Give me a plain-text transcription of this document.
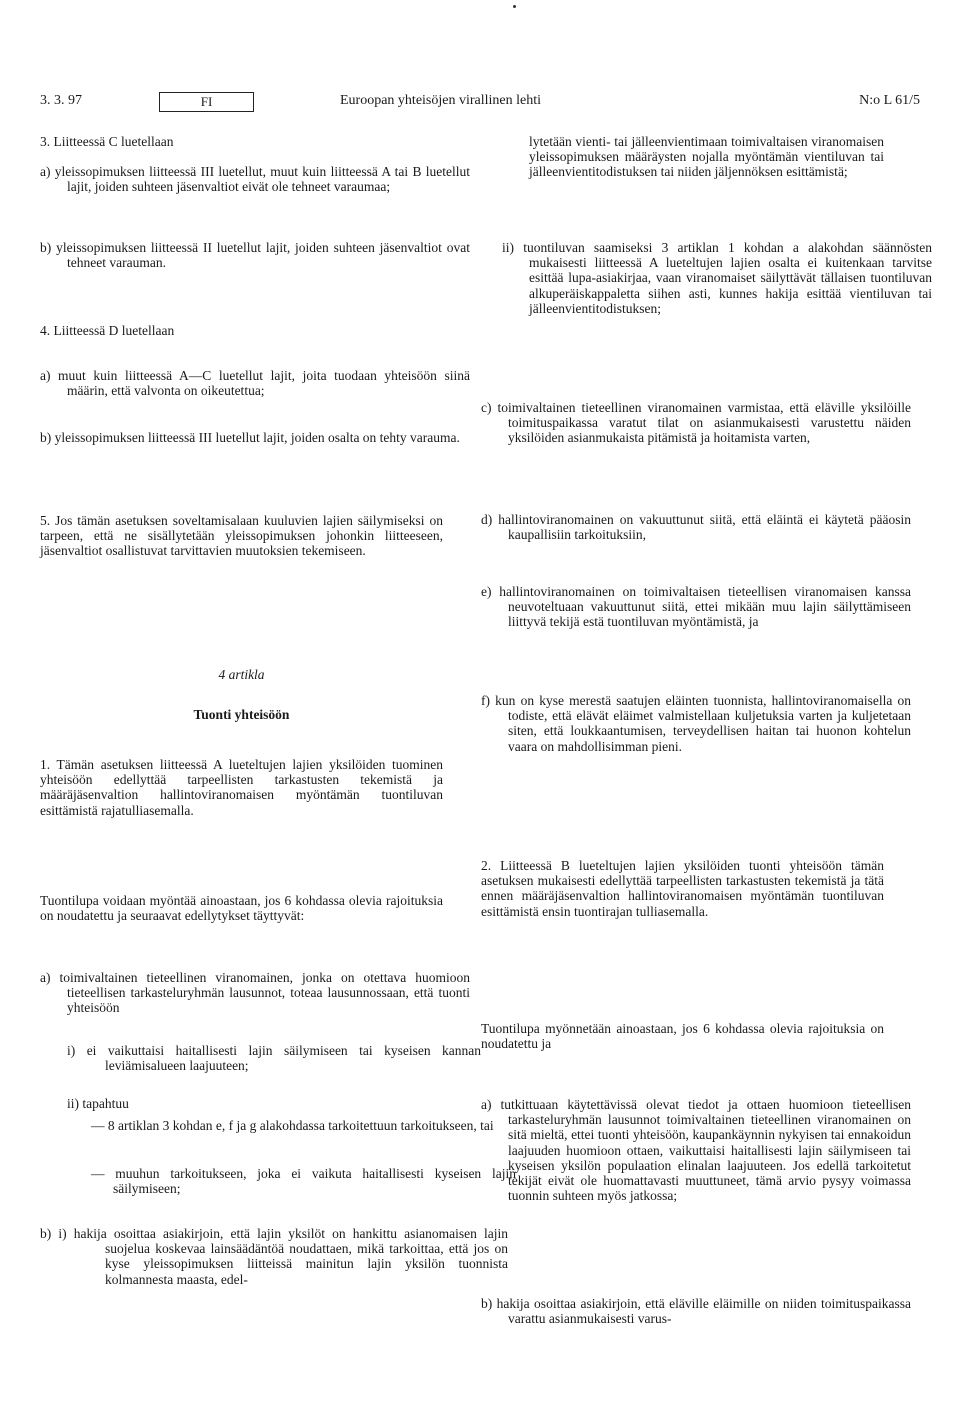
3. 3. 97	FI	Euroopan yhteisöjen virallinen lehti	N:o L 61/5

3. Liitteessä C luetellaan

a) yleissopimuksen liitteessä III luetellut, muut kuin liitteessä A tai B luetellut lajit, joiden suhteen jäsenvaltiot eivät ole tehneet varaumaa;

b) yleissopimuksen liitteessä II luetellut lajit, joiden suhteen jäsenvaltiot ovat tehneet varauman.

4. Liitteessä D luetellaan

a) muut kuin liitteessä A—C luetellut lajit, joita tuodaan yhteisöön siinä määrin, että valvonta on oikeutettua;

b) yleissopimuksen liitteessä III luetellut lajit, joiden osalta on tehty varauma.

5. Jos tämän asetuksen soveltamisalaan kuuluvien lajien säilymiseksi on tarpeen, että ne sisällytetään yleissopimuksen johonkin liitteeseen, jäsenvaltiot osallistuvat tarvittavien muutoksien tekemiseen.

4 artikla

Tuonti yhteisöön

1. Tämän asetuksen liitteessä A lueteltujen lajien yksilöiden tuominen yhteisöön edellyttää tarpeellisten tarkastusten tekemistä ja määräjäsenvaltion hallintoviranomaisen myöntämän tuontiluvan esittämistä rajatulliasemalla.

Tuontilupa voidaan myöntää ainoastaan, jos 6 kohdassa olevia rajoituksia on noudatettu ja seuraavat edellytykset täyttyvät:

a) toimivaltainen tieteellinen viranomainen, jonka on otettava huomioon tieteellisen tarkasteluryhmän lausunnot, toteaa lausunnossaan, että tuonti yhteisöön

i) ei vaikuttaisi haitallisesti lajin säilymiseen tai kyseisen kannan leviämisalueen laajuuteen;

ii) tapahtuu

— 8 artiklan 3 kohdan e, f ja g alakohdassa tarkoitettuun tarkoitukseen, tai

— muuhun tarkoitukseen, joka ei vaikuta haitallisesti kyseisen lajin säilymiseen;

b) i) hakija osoittaa asiakirjoin, että lajin yksilöt on hankittu asianomaisen lajin suojelua koskevaa lainsäädäntöä noudattaen, mikä tarkoittaa, että jos on kyse yleissopimuksen liitteissä mainitun lajin yksilön tuonnista kolmannesta maasta, edel-

lytetään vienti- tai jälleenvientimaan toimivaltaisen viranomaisen yleissopimuksen määräysten nojalla myöntämän vientiluvan tai jälleenvientitodistuksen tai niiden jäljennöksen esittämistä;

ii) tuontiluvan saamiseksi 3 artiklan 1 kohdan a alakohdan säännösten mukaisesti liitteessä A lueteltujen lajien osalta ei kuitenkaan tarvitse esittää lupa-asiakirjaa, vaan viranomaiset säilyttävät tällaisen tuontiluvan alkuperäiskappaletta siihen asti, kunnes hakija esittää vientiluvan tai jälleenvientitodistuksen;

c) toimivaltainen tieteellinen viranomainen varmistaa, että eläville yksilöille toimituspaikassa varatut tilat on asianmukaisesti varustettu näiden yksilöiden asianmukaista pitämistä ja hoitamista varten,

d) hallintoviranomainen on vakuuttunut siitä, että eläintä ei käytetä pääosin kaupallisiin tarkoituksiin,

e) hallintoviranomainen on toimivaltaisen tieteellisen viranomaisen kanssa neuvoteltuaan vakuuttunut siitä, ettei mikään muu lajin säilyttämiseen liittyvä tekijä estä tuontiluvan myöntämistä, ja

f) kun on kyse merestä saatujen eläinten tuonnista, hallintoviranomaisella on todiste, että elävät eläimet valmistellaan kuljetuksia varten ja kuljetetaan siten, että loukkaantumisen, terveydellisen haitan tai huonon kohtelun vaara on mahdollisimman pieni.

2. Liitteessä B lueteltujen lajien yksilöiden tuonti yhteisöön tämän asetuksen mukaisesti edellyttää tarpeellisten tarkastusten tekemistä ja tätä ennen määräjäsenvaltion hallintoviranomaisen myöntämän tuontiluvan esittämistä ensin tuontirajan tulliasemalla.

Tuontilupa myönnetään ainoastaan, jos 6 kohdassa olevia rajoituksia on noudatettu ja

a) tutkittuaan käytettävissä olevat tiedot ja ottaen huomioon tieteellisen tarkasteluryhmän lausunnot toimivaltainen tieteellinen viranomainen on sitä mieltä, ettei tuonti yhteisöön, kaupankäynnin nykyisen tai ennakoidun laajuuden huomioon ottaen, vaikuttaisi haitallisesti lajin säilymiseen tai kyseisen yksilön populaation elinalan laajuuteen. Jos edellä tarkoitetut tekijät eivät ole huomattavasti muuttuneet, tämä arvio pysyy voimassa tuonnin suhteen myös jatkossa;

b) hakija osoittaa asiakirjoin, että eläville eläimille on niiden toimituspaikassa varattu asianmukaisesti varus-
